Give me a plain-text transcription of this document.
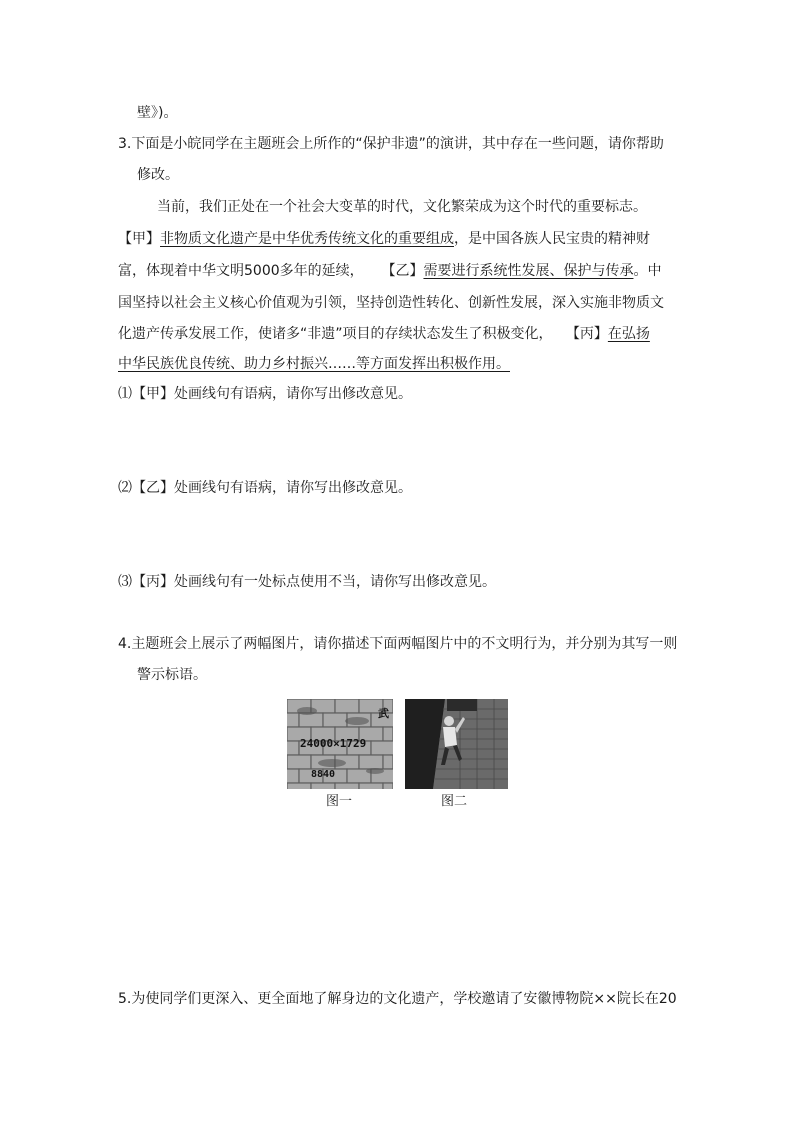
壁》)。
3.下面是小皖同学在主题班会上所作的“保护非遗”的演讲，其中存在一些问题，请你帮助
修改。
当前，我们正处在一个社会大变革的时代，文化繁荣成为这个时代的重要标志。
【甲】非物质文化遗产是中华优秀传统文化的重要组成，是中国各族人民宝贵的精神财
富，体现着中华文明5000多年的延续， 【乙】需要进行系统性发展、保护与传承。中
国坚持以社会主义核心价值观为引领，坚持创造性转化、创新性发展，深入实施非物质文
化遗产传承发展工作，使诸多“非遗”项目的存续状态发生了积极变化， 【丙】在弘扬
中华民族优良传统、助力乡村振兴……等方面发挥出积极作用。
⑴【甲】处画线句有语病，请你写出修改意见。
⑵【乙】处画线句有语病，请你写出修改意见。
⑶【丙】处画线句有一处标点使用不当，请你写出修改意见。
4.主题班会上展示了两幅图片，请你描述下面两幅图片中的不文明行为，并分别为其写一则
警示标语。
武
24000×1729
8840
图一	图二
5.为使同学们更深入、更全面地了解身边的文化遗产，学校邀请了安徽博物院××院长在20
